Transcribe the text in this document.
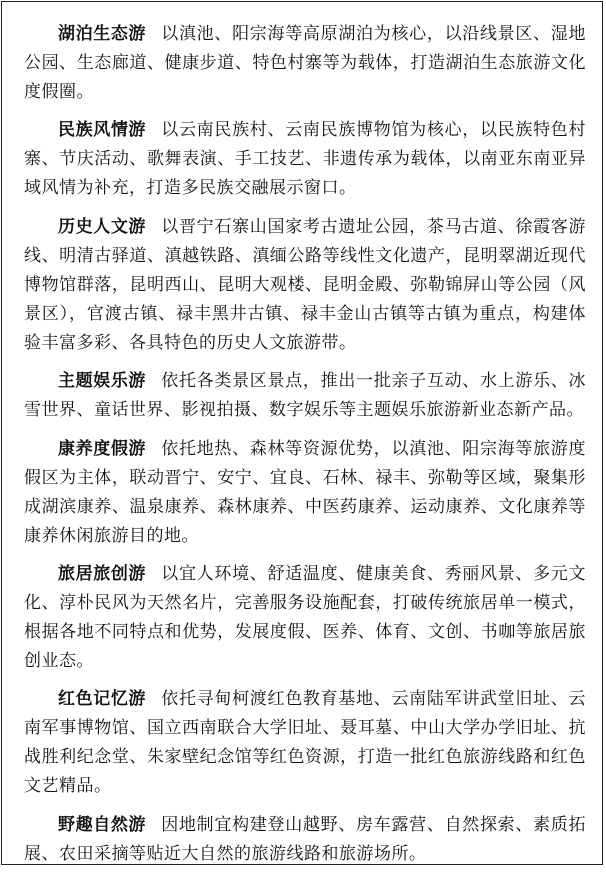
湖泊生态游 以滇池、阳宗海等高原湖泊为核心，以沿线景区、湿地公园、生态廊道、健康步道、特色村寨等为载体，打造湖泊生态旅游文化度假圈。

民族风情游 以云南民族村、云南民族博物馆为核心，以民族特色村寨、节庆活动、歌舞表演、手工技艺、非遗传承为载体，以南亚东南亚异域风情为补充，打造多民族交融展示窗口。

历史人文游 以晋宁石寨山国家考古遗址公园，茶马古道、徐霞客游线、明清古驿道、滇越铁路、滇缅公路等线性文化遗产，昆明翠湖近现代博物馆群落，昆明西山、昆明大观楼、昆明金殿、弥勒锦屏山等公园（风景区），官渡古镇、禄丰黑井古镇、禄丰金山古镇等古镇为重点，构建体验丰富多彩、各具特色的历史人文旅游带。

主题娱乐游 依托各类景区景点，推出一批亲子互动、水上游乐、冰雪世界、童话世界、影视拍摄、数字娱乐等主题娱乐旅游新业态新产品。

康养度假游 依托地热、森林等资源优势，以滇池、阳宗海等旅游度假区为主体，联动晋宁、安宁、宜良、石林、禄丰、弥勒等区域，聚集形成湖滨康养、温泉康养、森林康养、中医药康养、运动康养、文化康养等康养休闲旅游目的地。

旅居旅创游 以宜人环境、舒适温度、健康美食、秀丽风景、多元文化、淳朴民风为天然名片，完善服务设施配套，打破传统旅居单一模式，根据各地不同特点和优势，发展度假、医养、体育、文创、书咖等旅居旅创业态。

红色记忆游 依托寻甸柯渡红色教育基地、云南陆军讲武堂旧址、云南军事博物馆、国立西南联合大学旧址、聂耳墓、中山大学办学旧址、抗战胜利纪念堂、朱家壁纪念馆等红色资源，打造一批红色旅游线路和红色文艺精品。

野趣自然游 因地制宜构建登山越野、房车露营、自然探索、素质拓展、农田采摘等贴近大自然的旅游线路和旅游场所。
